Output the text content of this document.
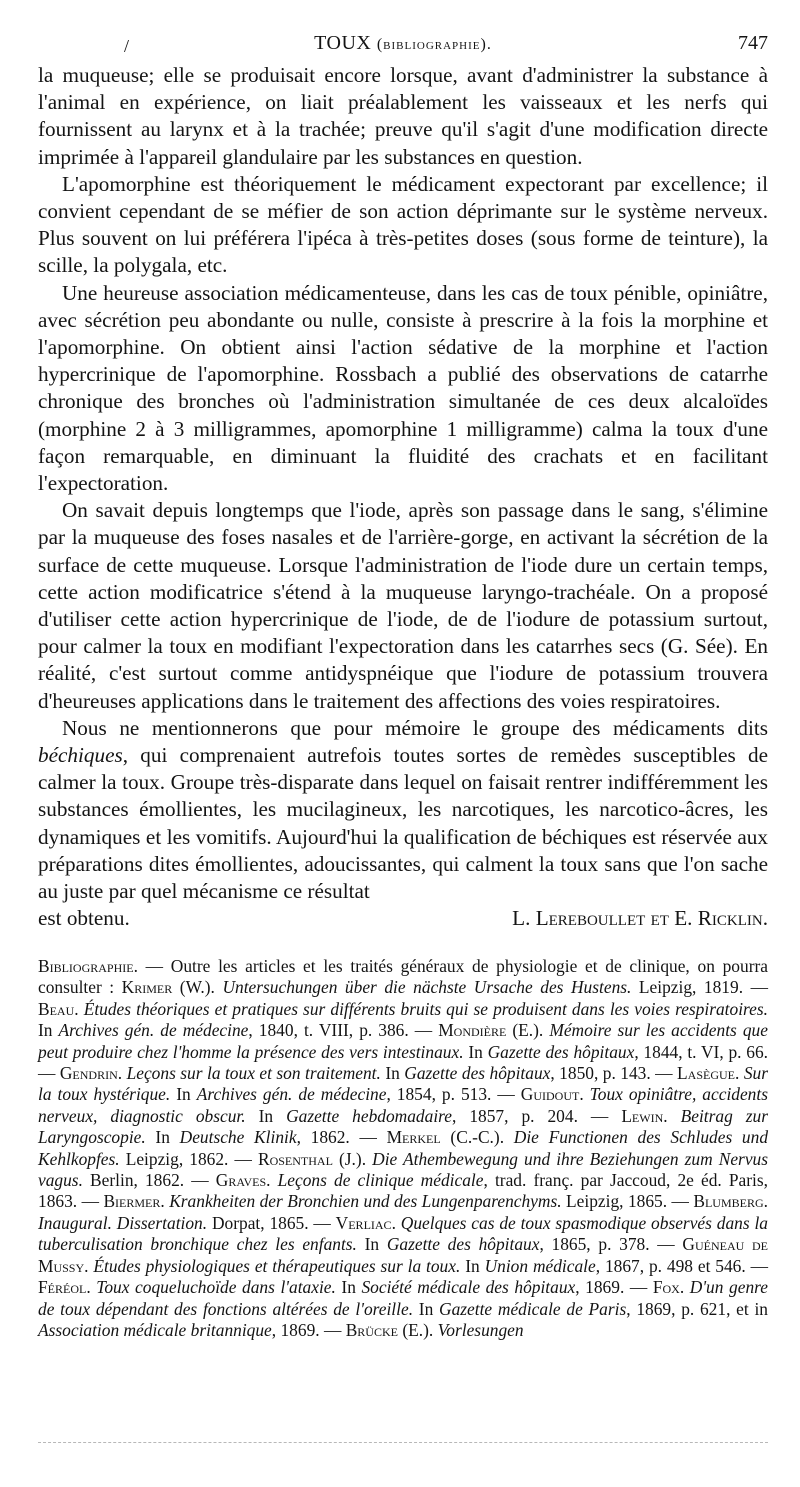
/	TOUX (bibliographie).	747

la muqueuse; elle se produisait encore lorsque, avant d'administrer la substance à l'animal en expérience, on liait préalablement les vaisseaux et les nerfs qui fournissent au larynx et à la trachée; preuve qu'il s'agit d'une modification directe imprimée à l'appareil glandulaire par les substances en question.

L'apomorphine est théoriquement le médicament expectorant par excellence; il convient cependant de se méfier de son action déprimante sur le système nerveux. Plus souvent on lui préférera l'ipéca à très-petites doses (sous forme de teinture), la scille, la polygala, etc.

Une heureuse association médicamenteuse, dans les cas de toux pénible, opiniâtre, avec sécrétion peu abondante ou nulle, consiste à prescrire à la fois la morphine et l'apomorphine. On obtient ainsi l'action sédative de la morphine et l'action hypercrinique de l'apomorphine. Rossbach a publié des observations de catarrhe chronique des bronches où l'administration simultanée de ces deux alcaloïdes (morphine 2 à 3 milligrammes, apomorphine 1 milligramme) calma la toux d'une façon remarquable, en diminuant la fluidité des crachats et en facilitant l'expectoration.

On savait depuis longtemps que l'iode, après son passage dans le sang, s'élimine par la muqueuse des foses nasales et de l'arrière-gorge, en activant la sécrétion de la surface de cette muqueuse. Lorsque l'administration de l'iode dure un certain temps, cette action modificatrice s'étend à la muqueuse laryngo-trachéale. On a proposé d'utiliser cette action hypercrinique de l'iode, de de l'iodure de potassium surtout, pour calmer la toux en modifiant l'expectoration dans les catarrhes secs (G. Sée). En réalité, c'est surtout comme antidyspnéique que l'iodure de potassium trouvera d'heureuses applications dans le traitement des affections des voies respiratoires.

Nous ne mentionnerons que pour mémoire le groupe des médicaments dits béchiques, qui comprenaient autrefois toutes sortes de remèdes susceptibles de calmer la toux. Groupe très-disparate dans lequel on faisait rentrer indifféremment les substances émollientes, les mucilagineux, les narcotiques, les narcotico-âcres, les dynamiques et les vomitifs. Aujourd'hui la qualification de béchiques est réservée aux préparations dites émollientes, adoucissantes, qui calment la toux sans que l'on sache au juste par quel mécanisme ce résultat

est obtenu.	L. Lereboullet et E. Ricklin.
Bibliographie. — Outre les articles et les traités généraux de physiologie et de clinique, on pourra consulter : Krimer (W.). Untersuchungen über die nächste Ursache des Hustens. Leipzig, 1819. — Beau. Études théoriques et pratiques sur différents bruits qui se produisent dans les voies respiratoires. In Archives gén. de médecine, 1840, t. VIII, p. 386. — Mondière (E.). Mémoire sur les accidents que peut produire chez l'homme la présence des vers intestinaux. In Gazette des hôpitaux, 1844, t. VI, p. 66. — Gendrin. Leçons sur la toux et son traitement. In Gazette des hôpitaux, 1850, p. 143. — Lasègue. Sur la toux hystérique. In Archives gén. de médecine, 1854, p. 513. — Guidout. Toux opiniâtre, accidents nerveux, diagnostic obscur. In Gazette hebdomadaire, 1857, p. 204. — Lewin. Beitrag zur Laryngoscopie. In Deutsche Klinik, 1862. — Merkel (C.-C.). Die Functionen des Schludes und Kehlkopfes. Leipzig, 1862. — Rosenthal (J.). Die Athembewegung und ihre Beziehungen zum Nervus vagus. Berlin, 1862. — Graves. Leçons de clinique médicale, trad. franç. par Jaccoud, 2e éd. Paris, 1863. — Biermer. Krankheiten der Bronchien und des Lungenparenchyms. Leipzig, 1865. — Blumberg. Inaugural. Dissertation. Dorpat, 1865. — Verliac. Quelques cas de toux spasmodique observés dans la tuberculisation bronchique chez les enfants. In Gazette des hôpitaux, 1865, p. 378. — Guéneau de Mussy. Études physiologiques et thérapeutiques sur la toux. In Union médicale, 1867, p. 498 et 546. — Féréol. Toux coqueluchoïde dans l'ataxie. In Société médicale des hôpitaux, 1869. — Fox. D'un genre de toux dépendant des fonctions altérées de l'oreille. In Gazette médicale de Paris, 1869, p. 621, et in Association médicale britannique, 1869. — Brücke (E.). Vorlesungen
